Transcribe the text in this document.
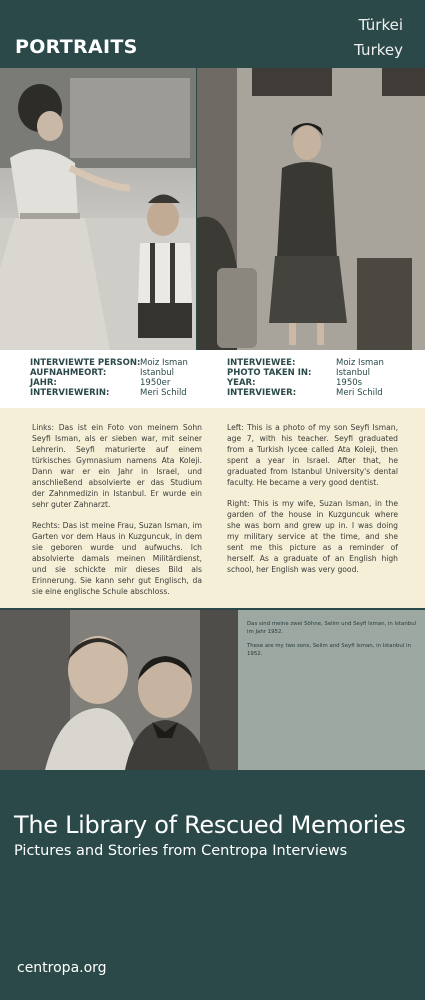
PORTRAITS
Türkei
Turkey
INTERVIEWTE PERSON: Moiz Isman
AUFNAHMEORT:	Istanbul
JAHR:	1950er
INTERVIEWERIN:	Meri Schild
INTERVIEWEE:	Moiz Isman
PHOTO TAKEN IN:	Istanbul
YEAR:	1950s
INTERVIEWER:	Meri Schild

Links: Das ist ein Foto von meinem Sohn Seyfi Isman, als er sieben war, mit seiner Lehrerin. Seyfi maturierte auf einem türkisches Gymnasium namens Ata Koleji. Dann war er ein Jahr in Israel, und anschließend absolvierte er das Studium der Zahnmedizin in Istanbul. Er wurde ein sehr guter Zahnarzt.

Rechts: Das ist meine Frau, Suzan Isman, im Garten vor dem Haus in Kuzguncuk, in dem sie geboren wurde und aufwuchs. Ich absolvierte damals meinen Militärdienst, und sie schickte mir dieses Bild als Erinnerung. Sie kann sehr gut Englisch, da sie eine englische Schule abschloss.

Left: This is a photo of my son Seyfi Isman, age 7, with his teacher. Seyfi graduated from a Turkish lycee called Ata Koleji, then spent a year in Israel. After that, he graduated from Istanbul University's dental faculty. He became a very good dentist.

Right: This is my wife, Suzan Isman, in the garden of the house in Kuzguncuk where she was born and grew up in. I was doing my military service at the time, and she sent me this picture as a reminder of herself. As a graduate of an English high school, her English was very good.

Das sind meine zwei Söhne, Selim und Seyfi Isman, in Istanbul im Jahr 1952.

These are my two sons, Selim and Seyfi Isman, in Istanbul in 1952.

The Library of Rescued Memories
Pictures and Stories from Centropa Interviews
centropa.org
